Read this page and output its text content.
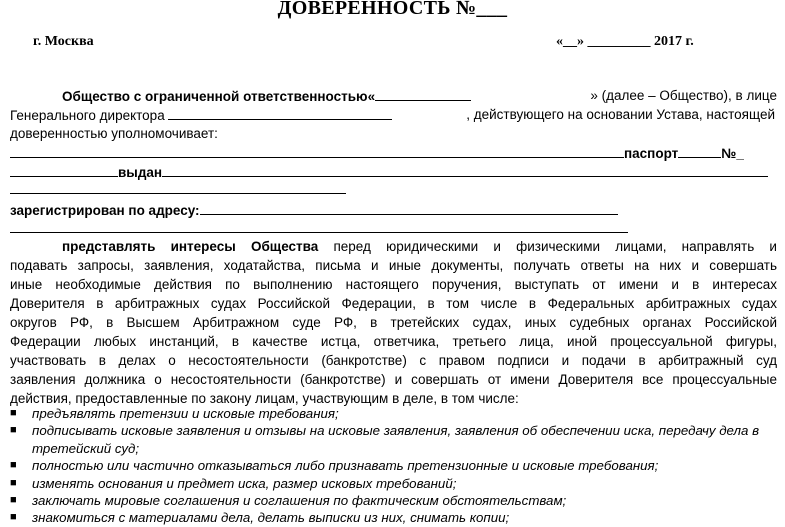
ДОВЕРЕННОСТЬ №___
г. Москва	«__» _________ 2017 г.
Общество с ограниченной ответственностью«	» (далее – Общество), в лице
Генерального директора	, действующего на основании Устава, настоящей
доверенностью уполномочивает:
паспорт	№_
выдан
зарегистрирован по адресу:
представлять интересы Общества перед юридическими и физическими лицами, направлять и
подавать запросы, заявления, ходатайства, письма и иные документы, получать ответы на них и совершать
иные необходимые действия по выполнению настоящего поручения, выступать от имени и в интересах
Доверителя в арбитражных судах Российской Федерации, в том числе в Федеральных арбитражных судах
округов РФ, в Высшем Арбитражном суде РФ, в третейских судах, иных судебных органах Российской
Федерации любых инстанций, в качестве истца, ответчика, третьего лица, иной процессуальной фигуры,
участвовать в делах о несостоятельности (банкротстве) с правом подписи и подачи в арбитражный суд
заявления должника о несостоятельности (банкротстве) и совершать от имени Доверителя все процессуальные
действия, предоставленные по закону лицам, участвующим в деле, в том числе:
■ предъявлять претензии и исковые требования;
■ подписывать исковые заявления и отзывы на исковые заявления, заявления об обеспечении иска, передачу дела в
третейский суд;
■ полностью или частично отказываться либо признавать претензионные и исковые требования;
■ изменять основания и предмет иска, размер исковых требований;
■ заключать мировые соглашения и соглашения по фактическим обстоятельствам;
■ знакомиться с материалами дела, делать выписки из них, снимать копии;
